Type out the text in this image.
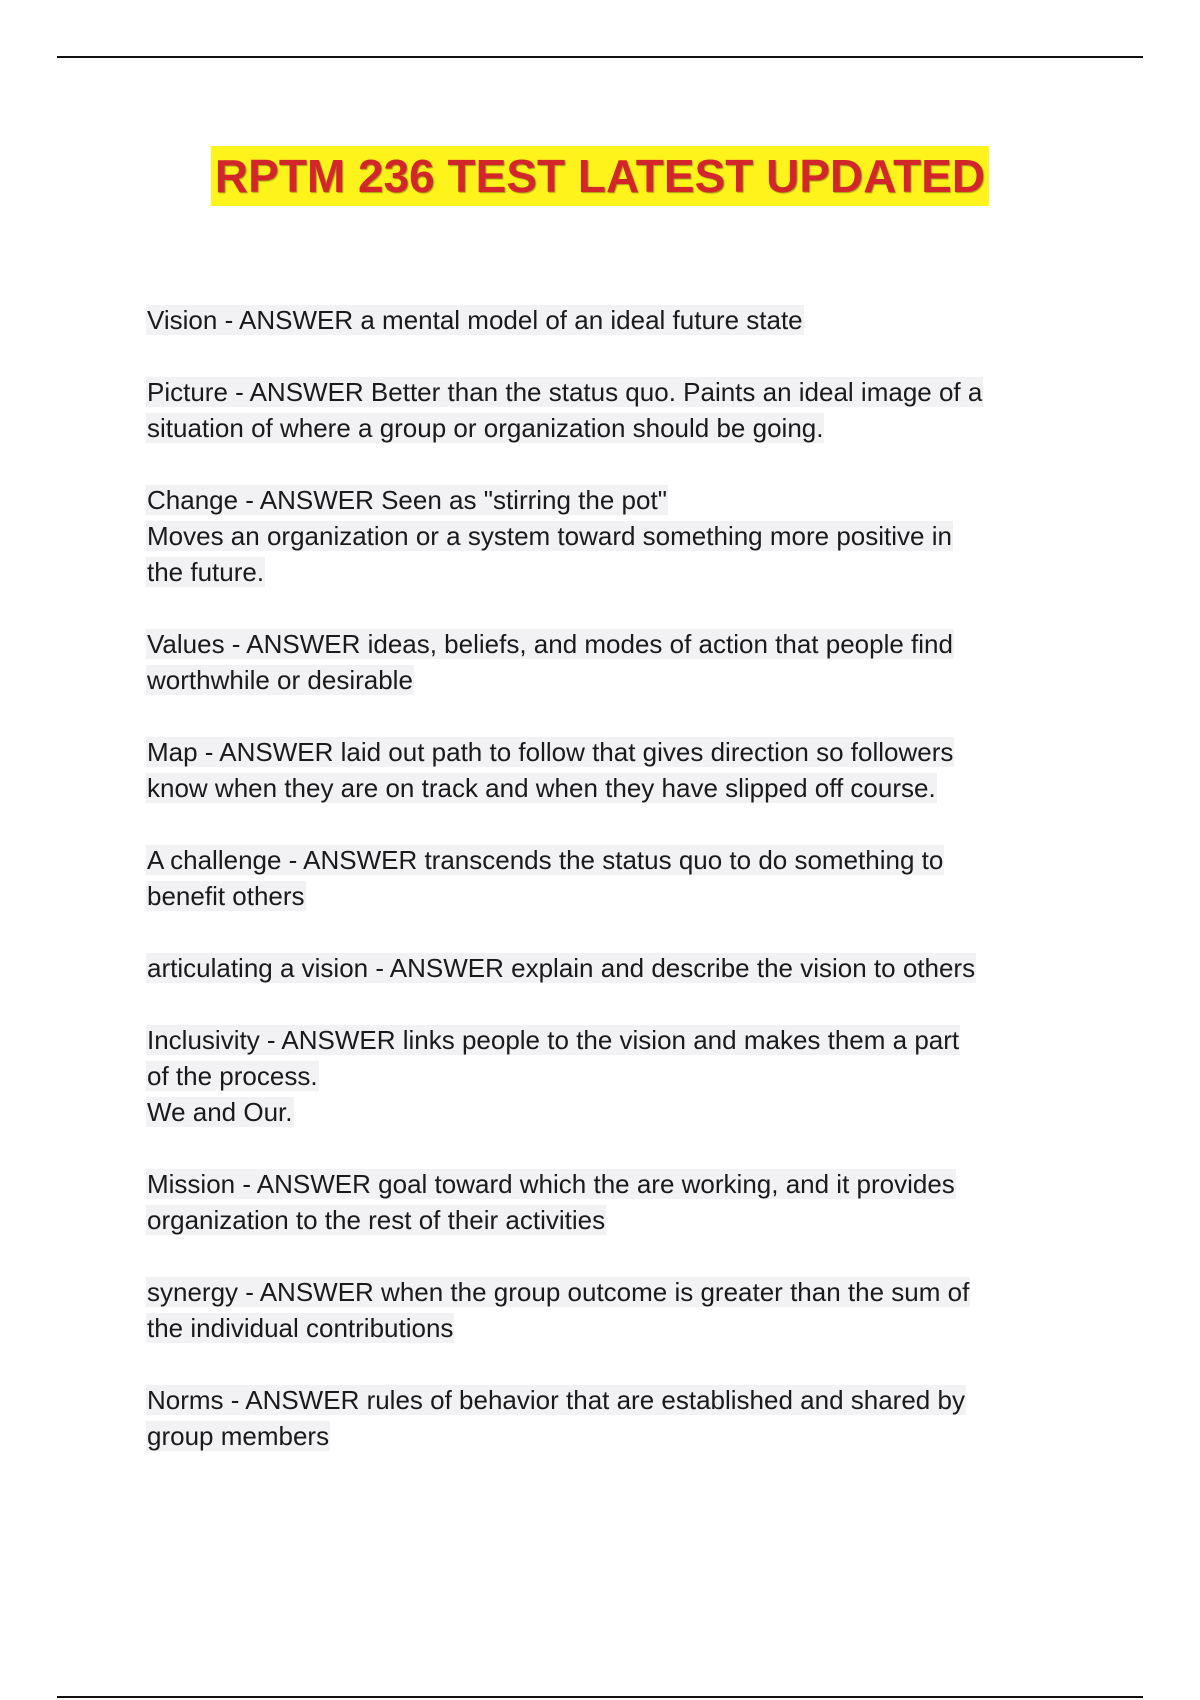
RPTM 236 TEST LATEST UPDATED
Vision - ANSWER a mental model of an ideal future state
Picture - ANSWER Better than the status quo. Paints an ideal image of a
situation of where a group or organization should be going.
Change - ANSWER Seen as "stirring the pot"
Moves an organization or a system toward something more positive in
the future.
Values - ANSWER ideas, beliefs, and modes of action that people find
worthwhile or desirable
Map - ANSWER laid out path to follow that gives direction so followers
know when they are on track and when they have slipped off course.
A challenge - ANSWER transcends the status quo to do something to
benefit others
articulating a vision - ANSWER explain and describe the vision to others
Inclusivity - ANSWER links people to the vision and makes them a part
of the process.
We and Our.
Mission - ANSWER goal toward which the are working, and it provides
organization to the rest of their activities
synergy - ANSWER when the group outcome is greater than the sum of
the individual contributions
Norms - ANSWER rules of behavior that are established and shared by
group members
